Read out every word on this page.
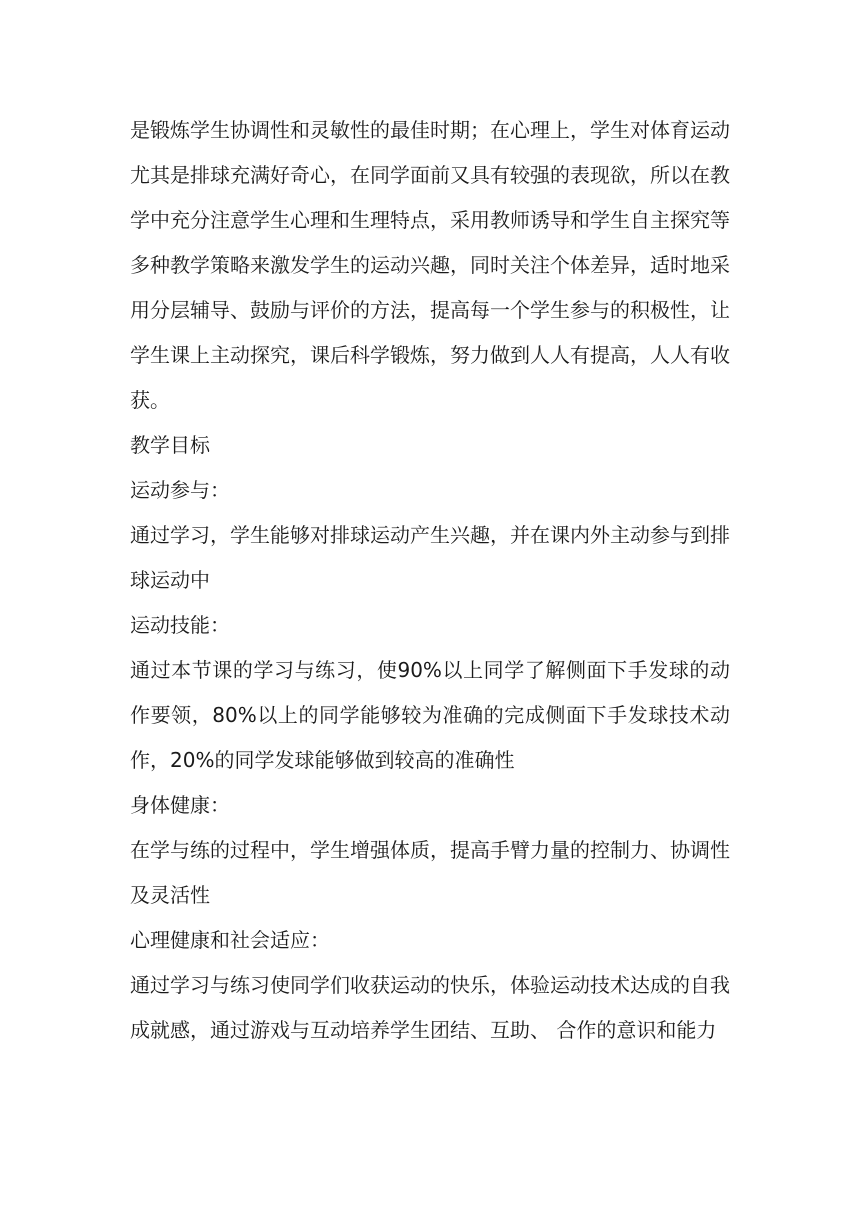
是锻炼学生协调性和灵敏性的最佳时期；在心理上，学生对体育运动尤其是排球充满好奇心，在同学面前又具有较强的表现欲，所以在教学中充分注意学生心理和生理特点，采用教师诱导和学生自主探究等多种教学策略来激发学生的运动兴趣，同时关注个体差异，适时地采用分层辅导、鼓励与评价的方法，提高每一个学生参与的积极性，让学生课上主动探究，课后科学锻炼，努力做到人人有提高，人人有收获。

教学目标

运动参与：

通过学习，学生能够对排球运动产生兴趣，并在课内外主动参与到排球运动中

运动技能：

通过本节课的学习与练习，使90%以上同学了解侧面下手发球的动作要领，80%以上的同学能够较为准确的完成侧面下手发球技术动作，20%的同学发球能够做到较高的准确性

身体健康：

在学与练的过程中，学生增强体质，提高手臂力量的控制力、协调性及灵活性

心理健康和社会适应：

通过学习与练习使同学们收获运动的快乐，体验运动技术达成的自我成就感，通过游戏与互动培养学生团结、互助、 合作的意识和能力
